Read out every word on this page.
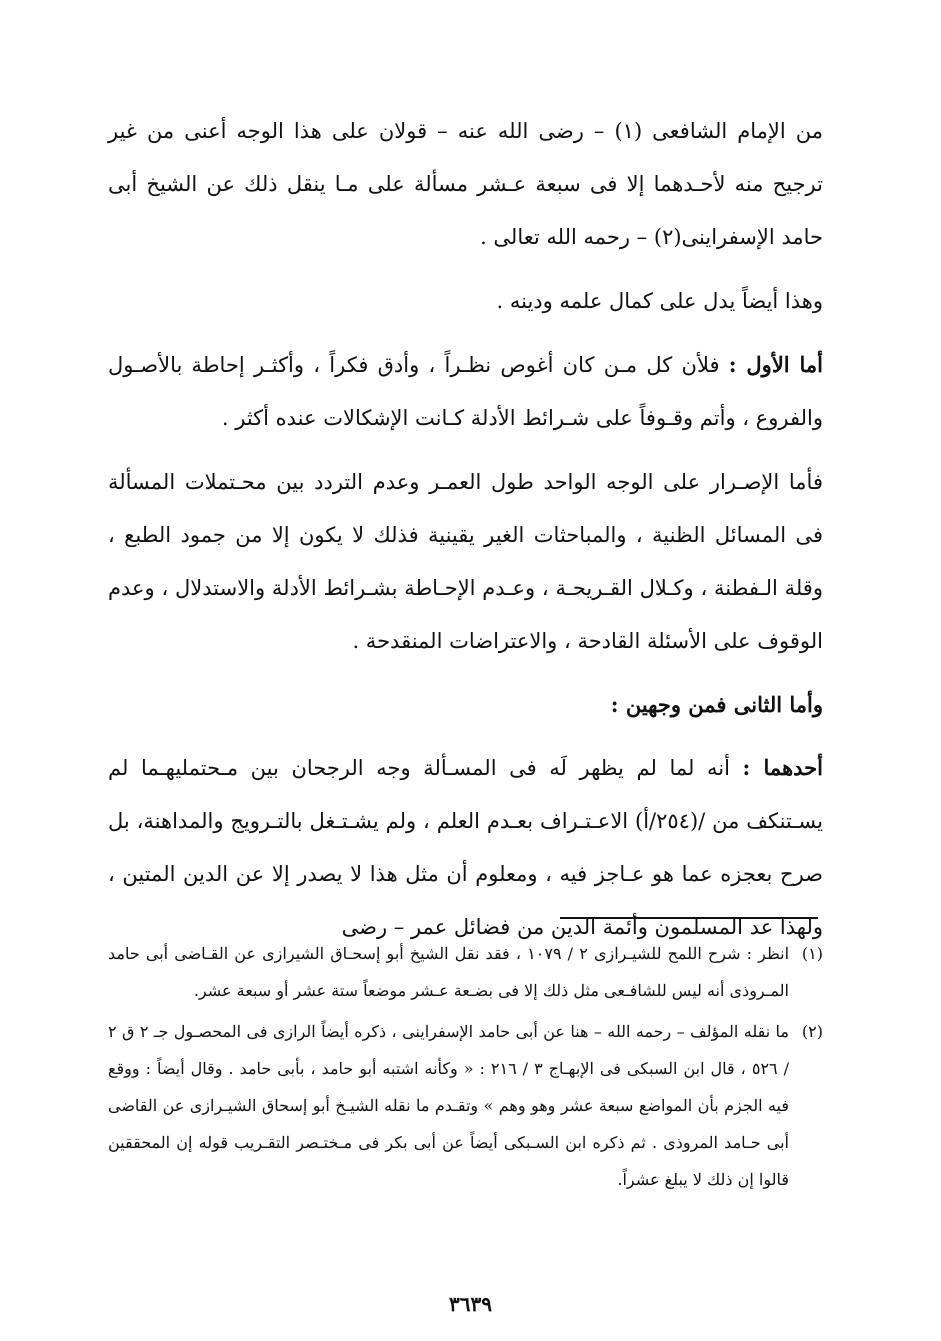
من الإمام الشافعى (١) – رضى الله عنه – قولان على هذا الوجه أعنى من غير ترجيح منه لأحـدهما إلا فى سبعة عـشر مسألة على مـا ينقل ذلك عن الشيخ أبى حامد الإسفراينى(٢) – رحمه الله تعالى .

وهذا أيضاً يدل على كمال علمه ودينه .

أما الأول : فلأن كل مـن كان أغوص نظـراً ، وأدق فكراً ، وأكثـر إحاطة بالأصـول والفروع ، وأتم وقـوفاً على شـرائط الأدلة كـانت الإشكالات عنده أكثر .

فأما الإصـرار على الوجه الواحد طول العمـر وعدم التردد بين محـتملات المسألة فى المسائل الظنية ، والمباحثات الغير يقينية فذلك لا يكون إلا من جمود الطبع ، وقلة الـفطنة ، وكـلال القـريحـة ، وعـدم الإحـاطة بشـرائط الأدلة والاستدلال ، وعدم الوقوف على الأسئلة القادحة ، والاعتراضات المنقدحة .

وأما الثانى فمن وجهين :

أحدهما : أنه لما لم يظهر لَه فى المسـألة وجه الرجحان بين مـحتمليهـما لم يسـتنكف من /(٢٥٤/أ) الاعـتـراف بعـدم العلم ، ولم يشـتـغل بالتـرويج والمداهنة، بل صرح بعجزه عما هو عـاجز فيه ، ومعلوم أن مثل هذا لا يصدر إلا عن الدين المتين ، ولهذا عد المسلمون وأئمة الدين من فضائل عمر – رضى

(١)
انظر : شرح اللمح للشيـرازى ٢ / ١٠٧٩ ، فقد نقل الشيخ أبو إسحـاق الشيرازى عن القـاضى أبى حامد المـروذى أنه ليس للشافـعى مثل ذلك إلا فى بضـعة عـشر موضعاً ستة عشر أو سبعة عشر.

(٢)
ما نقله المؤلف – رحمه الله – هنا عن أبى حامد الإسفراينى ، ذكره أيضاً الرازى فى المحصـول جـ ٢ ق ٢ / ٥٢٦ ، قال ابن السبكى فى الإبهـاج ٣ / ٢١٦ : « وكأنه اشتبه أبو حامد ، بأبى حامد . وقال أيضاً : ووقع فيه الجزم بأن المواضع سبعة عشر وهو وهم » وتقـدم ما نقله الشيـخ أبو إسحاق الشيـرازى عن القاضى أبى حـامد المروذى . ثم ذكره ابن السـبكى أيضاً عن أبى بكر فى مـختـصر التقـريب قوله إن المحققين قالوا إن ذلك لا يبلغ عشراً.

٣٦٣٩
